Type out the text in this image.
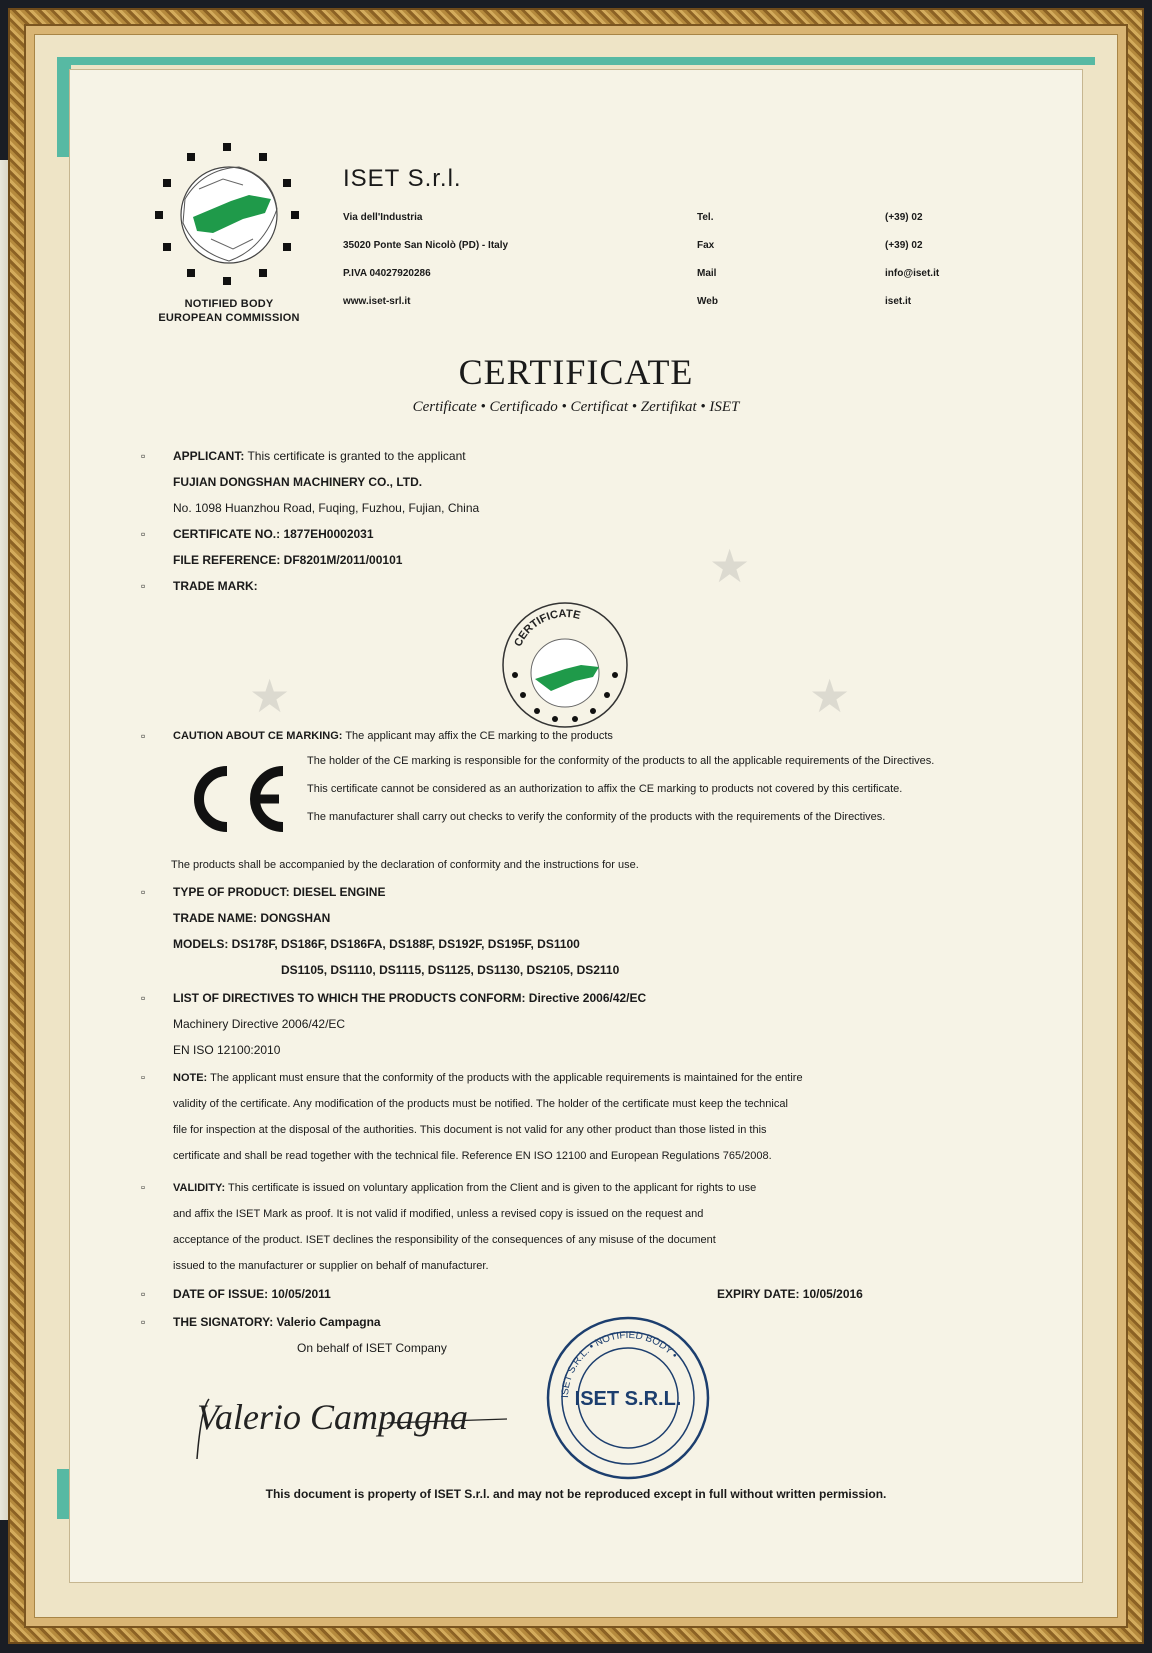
★
★	★
NOTIFIED BODY
EUROPEAN COMMISSION
ISET S.r.l.
Via dell'Industria	Tel.	(+39) 02
35020 Ponte San Nicolò (PD) - Italy	Fax	(+39) 02
P.IVA 04027920286	Mail	info@iset.it
www.iset-srl.it	Web	iset.it
CERTIFICATE
Certificate • Certificado • Certificat • Zertifikat • ISET
▫	APPLICANT: This certificate is granted to the applicant
FUJIAN DONGSHAN MACHINERY CO., LTD.
No. 1098 Huanzhou Road, Fuqing, Fuzhou, Fujian, China
▫	CERTIFICATE NO.: 1877EH0002031
FILE REFERENCE: DF8201M/2011/00101
▫	TRADE MARK:
CERTIFICATE
▫	CAUTION ABOUT CE MARKING: The applicant may affix the CE marking to the products
The holder of the CE marking is responsible for the conformity of the products to all the applicable requirements of the Directives.
This certificate cannot be considered as an authorization to affix the CE marking to products not covered by this certificate.
The manufacturer shall carry out checks to verify the conformity of the products with the requirements of the Directives.
The products shall be accompanied by the declaration of conformity and the instructions for use.
▫	TYPE OF PRODUCT: DIESEL ENGINE
TRADE NAME: DONGSHAN
MODELS: DS178F, DS186F, DS186FA, DS188F, DS192F, DS195F, DS1100
DS1105, DS1110, DS1115, DS1125, DS1130, DS2105, DS2110
▫	LIST OF DIRECTIVES TO WHICH THE PRODUCTS CONFORM: Directive 2006/42/EC
Machinery Directive 2006/42/EC
EN ISO 12100:2010
▫	NOTE: The applicant must ensure that the conformity of the products with the applicable requirements is maintained for the entire
validity of the certificate. Any modification of the products must be notified. The holder of the certificate must keep the technical
file for inspection at the disposal of the authorities. This document is not valid for any other product than those listed in this
certificate and shall be read together with the technical file. Reference EN ISO 12100 and European Regulations 765/2008.
▫	VALIDITY: This certificate is issued on voluntary application from the Client and is given to the applicant for rights to use
and affix the ISET Mark as proof. It is not valid if modified, unless a revised copy is issued on the request and
acceptance of the product. ISET declines the responsibility of the consequences of any misuse of the document
issued to the manufacturer or supplier on behalf of manufacturer.
▫	DATE OF ISSUE: 10/05/2011	EXPIRY DATE: 10/05/2016
▫	THE SIGNATORY: Valerio Campagna
On behalf of ISET Company
Valerio Campagna
ISET S.R.L. • NOTIFIED BODY •
ISET S.R.L.
This document is property of ISET S.r.l. and may not be reproduced except in full without written permission.
